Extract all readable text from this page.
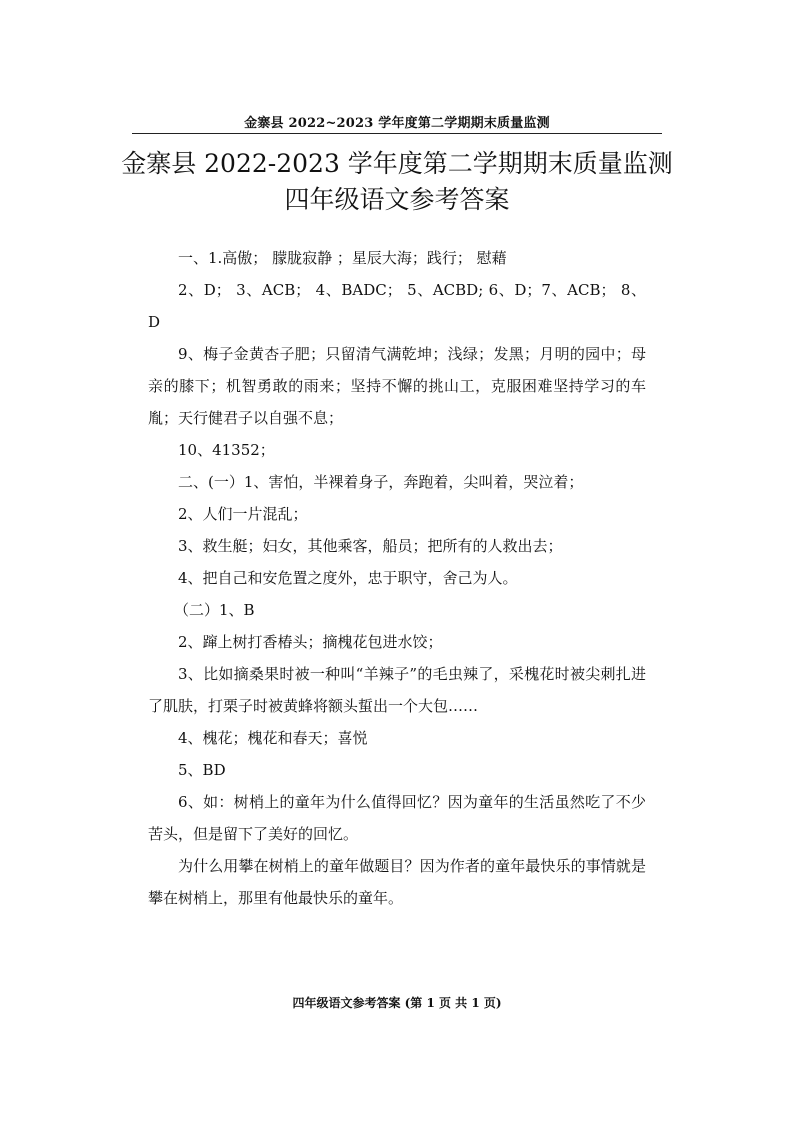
金寨县 2022~2023 学年度第二学期期末质量监测
金寨县 2022-2023 学年度第二学期期末质量监测
四年级语文参考答案

一、1.高傲； 朦胧寂静 ；星辰大海；践行； 慰藉

2、D； 3、ACB； 4、BADC； 5、ACBD; 6、D；7、ACB； 8、D

9、梅子金黄杏子肥；只留清气满乾坤；浅绿；发黑；月明的园中；母亲的膝下；机智勇敢的雨来；坚持不懈的挑山工，克服困难坚持学习的车胤；天行健君子以自强不息；

10、41352；

二、(一）1、害怕，半裸着身子，奔跑着，尖叫着，哭泣着；

2、人们一片混乱；

3、救生艇；妇女，其他乘客，船员；把所有的人救出去；

4、把自己和安危置之度外，忠于职守，舍己为人。

（二）1、B

2、蹿上树打香椿头；摘槐花包进水饺；

3、比如摘桑果时被一种叫“羊辣子”的毛虫辣了，采槐花时被尖刺扎进了肌肤，打栗子时被黄蜂将额头蜇出一个大包……

4、槐花；槐花和春天；喜悦

5、BD

6、如：树梢上的童年为什么值得回忆？因为童年的生活虽然吃了不少苦头，但是留下了美好的回忆。

为什么用攀在树梢上的童年做题目？因为作者的童年最快乐的事情就是攀在树梢上，那里有他最快乐的童年。

四年级语文参考答案 (第 1 页 共 1 页)
